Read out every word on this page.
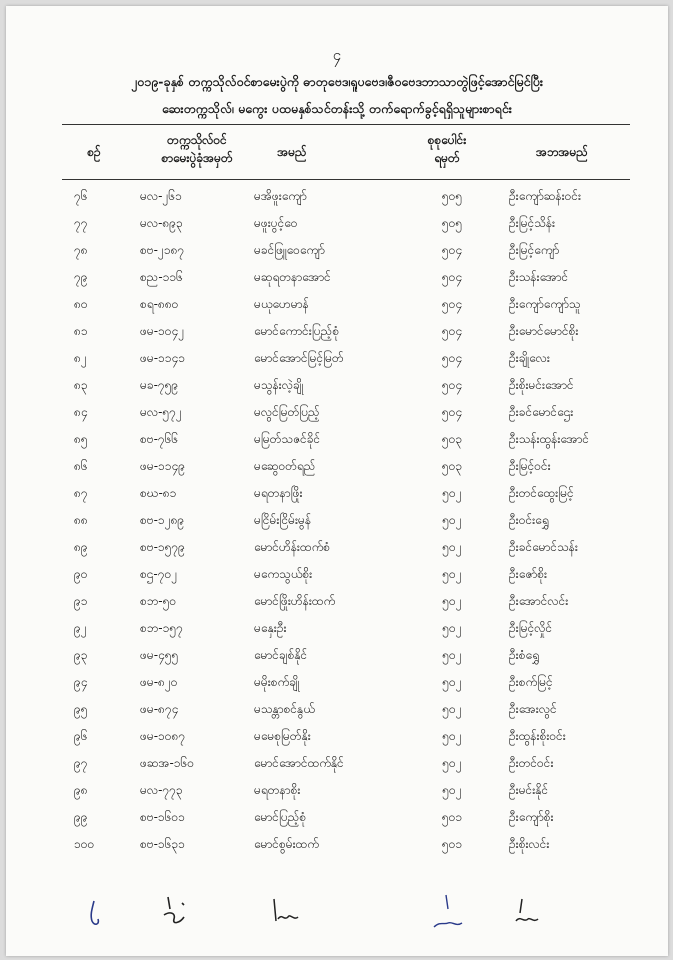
၄
၂၀၁၉-ခုနှစ် တက္ကသိုလ်ဝင်စာမေးပွဲကို ဓာတုဗေဒ၊ရူပဗေဒ၊ဇီဝဗေဒဘာသာတွဲဖြင့်အောင်မြင်ပြီး
ဆေးတက္ကသိုလ်၊ မကွေး ပထမနှစ်သင်တန်းသို့ တက်ရောက်ခွင့်ရရှိသူများစာရင်း
စဉ်
တက္ကသိုလ်ဝင်
စာမေးပွဲခုံအမှတ်	အမည်
စုစုပေါင်း
ရမှတ်	အဘအမည်
၇၆	မလ-၂၆၁	မအိဖူးကျော်	၅၀၅	ဦးကျော်ဆန်းဝင်း
၇၇	မလ-၈၉၃	မဖူးပွင့်ဝေ	၅၀၅	ဦးမြင့်သိန်း
၇၈	စဗ-၂၁၈၇	မခင်ဖြူဝေကျော်	၅၀၄	ဦးမြင့်ကျော်
၇၉	စည-၁၁၆	မဆုရတနာအောင်	၅၀၄	ဦးသန်းအောင်
၈၀	စရ-၈၈၀	မယုဟေမာန်	၅၀၄	ဦးကျော်ကျော်သူ
၈၁	ဖမ-၁၀၄၂	မောင်ကောင်းပြည့်စုံ	၅၀၄	ဦးမောင်မောင်စိုး
၈၂	ဖမ-၁၁၄၁	မောင်အောင်မြင့်မြတ်	၅၀၄	ဦးချိုလေး
၈၃	မခ-၇၅၉	မသွန်းလဲ့ချို	၅၀၄	ဦးစိုးမင်းအောင်
၈၄	မလ-၅၇၂	မလွင်မြတ်ပြည့်	၅၀၄	ဦးခင်မောင်ဌေး
၈၅	စဗ-၇၆၆	မမြတ်သဇင်ခိုင်	၅၀၃	ဦးသန်းထွန်းအောင်
၈၆	ဖမ-၁၁၄၉	မဆွေဝတ်ရည်	၅၀၃	ဦးမြင့်ဝင်း
၈၇	စဃ-၈၁	မရတနာဖြိုး	၅၀၂	ဦးတင်ထွေးမြင့်
၈၈	စဗ-၁၂၈၉	မငြိမ်းငြိမ်းမွန်	၅၀၂	ဦးဝင်းရွှေ
၈၉	စဗ-၁၅၇၉	မောင်ဟိန်းထက်စံ	၅၀၂	ဦးခင်မောင်သန်း
၉၀	စဌ-၇၀၂	မကေသွယ်စိုး	၅၀၂	ဦးဇော်စိုး
၉၁	စဘ-၅၀	မောင်ဖြိုးဟိန်းထက်	၅၀၂	ဦးအောင်လင်း
၉၂	စဘ-၁၅၇	မနှေးဦး	၅၀၂	ဦးမြင့်လှိုင်
၉၃	ဖမ-၄၅၅	မောင်ချစ်နိုင်	၅၀၂	ဦးစံရွှေ
၉၄	ဖမ-၈၂၀	မမိုးစက်ချို	၅၀၂	ဦးစက်မြင့်
၉၅	ဖမ-၈၇၄	မသန္တာစင်နွယ်	၅၀၂	ဦးအေးလွင်
၉၆	ဖမ-၁၀၈၇	မမေစုမြတ်နိုး	၅၀၂	ဦးထွန်းစိုးဝင်း
၉၇	ဖဆအ-၁၆၀	မောင်အောင်ထက်နိုင်	၅၀၂	ဦးတင်ဝင်း
၉၈	မလ-၇၇၃	မရတနာစိုး	၅၀၂	ဦးမင်းနိုင်
၉၉	စဗ-၁၆၀၁	မောင်ပြည့်စုံ	၅၀၁	ဦးကျော်စိုး
၁၀၀	စဗ-၁၆၃၁	မောင်စွမ်းထက်	၅၀၁	ဦးစိုးလင်း
